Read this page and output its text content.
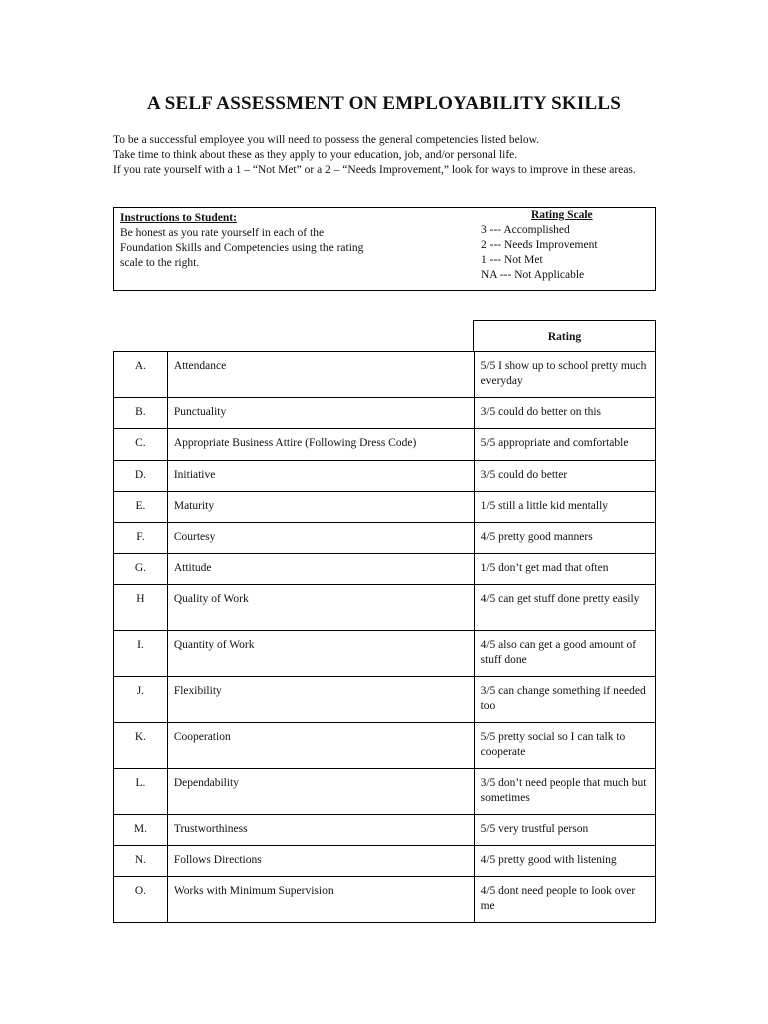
A SELF ASSESSMENT ON EMPLOYABILITY SKILLS
To be a successful employee you will need to possess the general competencies listed below.
Take time to think about these as they apply to your education, job, and/or personal life.
If you rate yourself with a 1 – “Not Met” or a 2 – “Needs Improvement,” look for ways to improve in these areas.
Instructions to Student:
Be honest as you rate yourself in each of the
Foundation Skills and Competencies using the rating
scale to the right.
Rating Scale
3 --- Accomplished
2 --- Needs Improvement
1 --- Not Met
NA --- Not Applicable
Rating
A.	Attendance	5/5 I show up to school pretty much everyday
B.	Punctuality	3/5 could do better on this
C.	Appropriate Business Attire (Following Dress Code)	5/5 appropriate and comfortable
D.	Initiative	3/5 could do better
E.	Maturity	1/5 still a little kid mentally
F.	Courtesy	4/5 pretty good manners
G.	Attitude	1/5 don’t get mad that often
H	Quality of Work	4/5 can get stuff done pretty easily
I.	Quantity of Work	4/5 also can get a good amount of stuff done
J.	Flexibility	3/5 can change something if needed too
K.	Cooperation	5/5 pretty social so I can talk to cooperate
L.	Dependability	3/5 don’t need people that much but sometimes
M.	Trustworthiness	5/5 very trustful person
N.	Follows Directions	4/5 pretty good with listening
O.	Works with Minimum Supervision	4/5 dont need people to look over me
